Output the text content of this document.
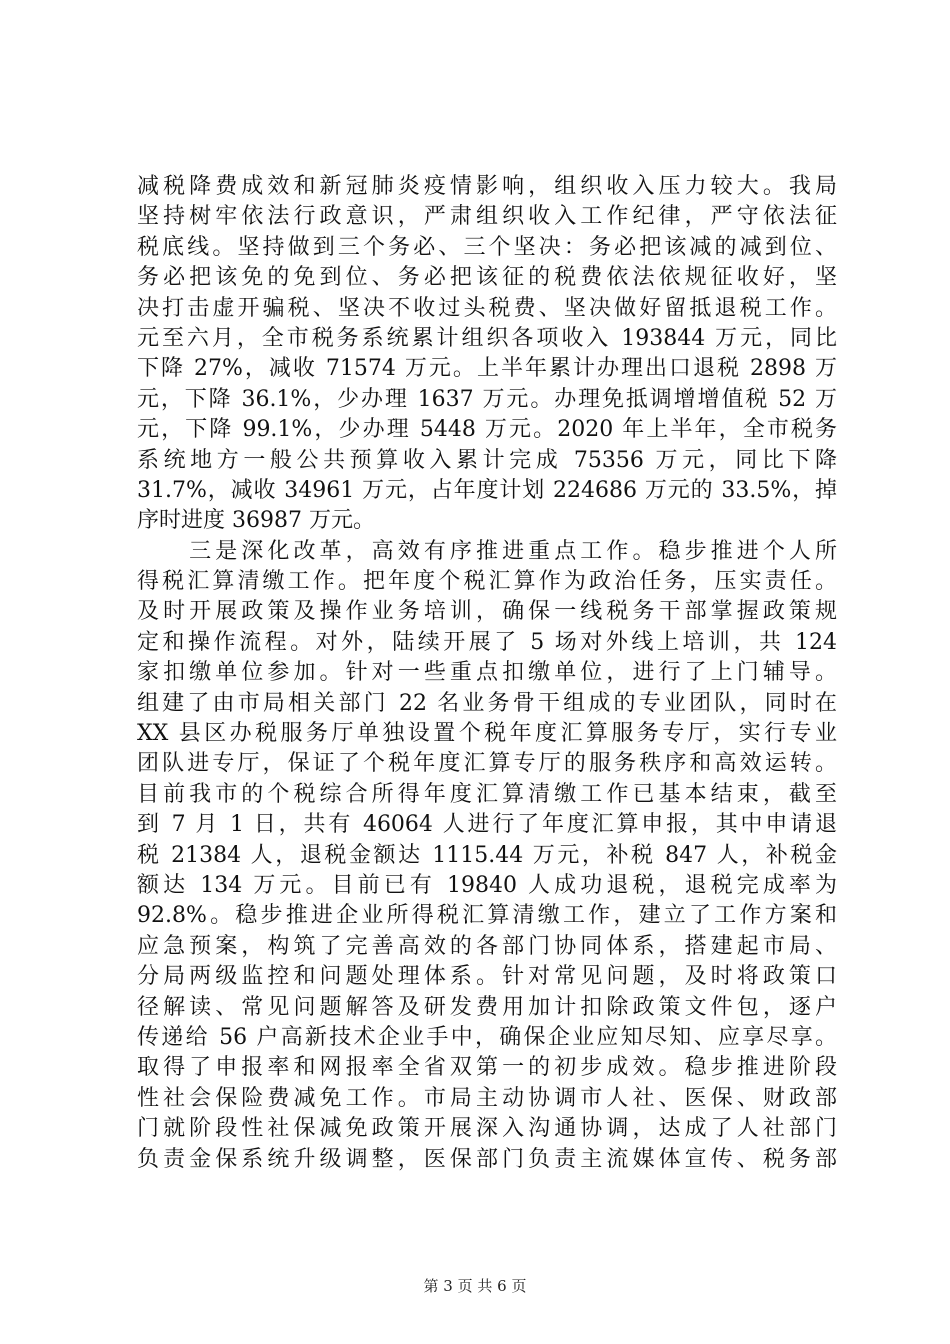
减税降费成效和新冠肺炎疫情影响，组织收入压力较大。我局
坚持树牢依法行政意识，严肃组织收入工作纪律，严守依法征
税底线。坚持做到三个务必、三个坚决：务必把该减的减到位、
务必把该免的免到位、务必把该征的税费依法依规征收好，坚
决打击虚开骗税、坚决不收过头税费、坚决做好留抵退税工作。
元至六月，全市税务系统累计组织各项收入 193844 万元，同比
下降 27%，减收 71574 万元。上半年累计办理出口退税 2898 万
元，下降 36.1%，少办理 1637 万元。办理免抵调增增值税 52 万
元，下降 99.1%，少办理 5448 万元。2020 年上半年，全市税务
系统地方一般公共预算收入累计完成 75356 万元，同比下降
31.7%，减收 34961 万元，占年度计划 224686 万元的 33.5%，掉
序时进度 36987 万元。
　　三是深化改革，高效有序推进重点工作。稳步推进个人所
得税汇算清缴工作。把年度个税汇算作为政治任务，压实责任。
及时开展政策及操作业务培训，确保一线税务干部掌握政策规
定和操作流程。对外，陆续开展了 5 场对外线上培训，共 124
家扣缴单位参加。针对一些重点扣缴单位，进行了上门辅导。
组建了由市局相关部门 22 名业务骨干组成的专业团队，同时在
XX 县区办税服务厅单独设置个税年度汇算服务专厅，实行专业
团队进专厅，保证了个税年度汇算专厅的服务秩序和高效运转。
目前我市的个税综合所得年度汇算清缴工作已基本结束，截至
到 7 月 1 日，共有 46064 人进行了年度汇算申报，其中申请退
税 21384 人，退税金额达 1115.44 万元，补税 847 人，补税金
额达 134 万元。目前已有 19840 人成功退税，退税完成率为
92.8%。稳步推进企业所得税汇算清缴工作，建立了工作方案和
应急预案，构筑了完善高效的各部门协同体系，搭建起市局、
分局两级监控和问题处理体系。针对常见问题，及时将政策口
径解读、常见问题解答及研发费用加计扣除政策文件包，逐户
传递给 56 户高新技术企业手中，确保企业应知尽知、应享尽享。
取得了申报率和网报率全省双第一的初步成效。稳步推进阶段
性社会保险费减免工作。市局主动协调市人社、医保、财政部
门就阶段性社保减免政策开展深入沟通协调，达成了人社部门
负责金保系统升级调整，医保部门负责主流媒体宣传、税务部
第 3 页 共 6 页
